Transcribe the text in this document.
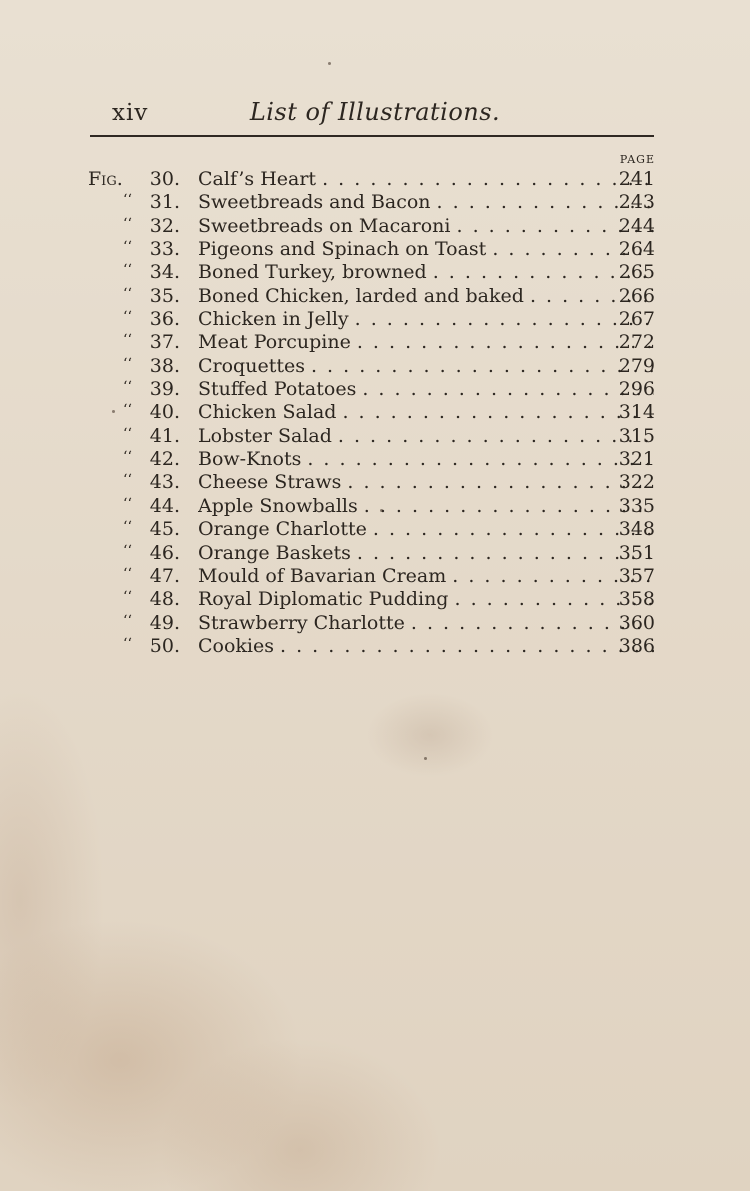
xiv	List of Illustrations.
PAGE
Fig.	30. Calf’s Heart . . .	241
‘‘ 31. Sweetbreads and Bacon . . .	243
‘‘ 32. Sweetbreads on Macaroni . . .	244
‘‘ 33. Pigeons and Spinach on Toast . . .	264
‘‘ 34. Boned Turkey, browned . . .	265
‘‘ 35. Boned Chicken, larded and baked . . .	266
‘‘ 36. Chicken in Jelly . . .	267
‘‘ 37. Meat Porcupine . . .	272
‘‘ 38. Croquettes . . .	279
‘‘ 39. Stuffed Potatoes . . .	296
‘‘ 40. Chicken Salad . . .	314
‘‘ 41. Lobster Salad . . .	315
‘‘ 42. Bow-Knots . . .	321
‘‘ 43. Cheese Straws . . .	322
‘‘ 44. Apple Snowballs . . .	335
‘‘ 45. Orange Charlotte . . .	348
‘‘ 46. Orange Baskets . . .	351
‘‘ 47. Mould of Bavarian Cream . . .	357
‘‘ 48. Royal Diplomatic Pudding . . .	358
‘‘ 49. Strawberry Charlotte . . .	360
‘‘ 50. Cookies . . .	386
